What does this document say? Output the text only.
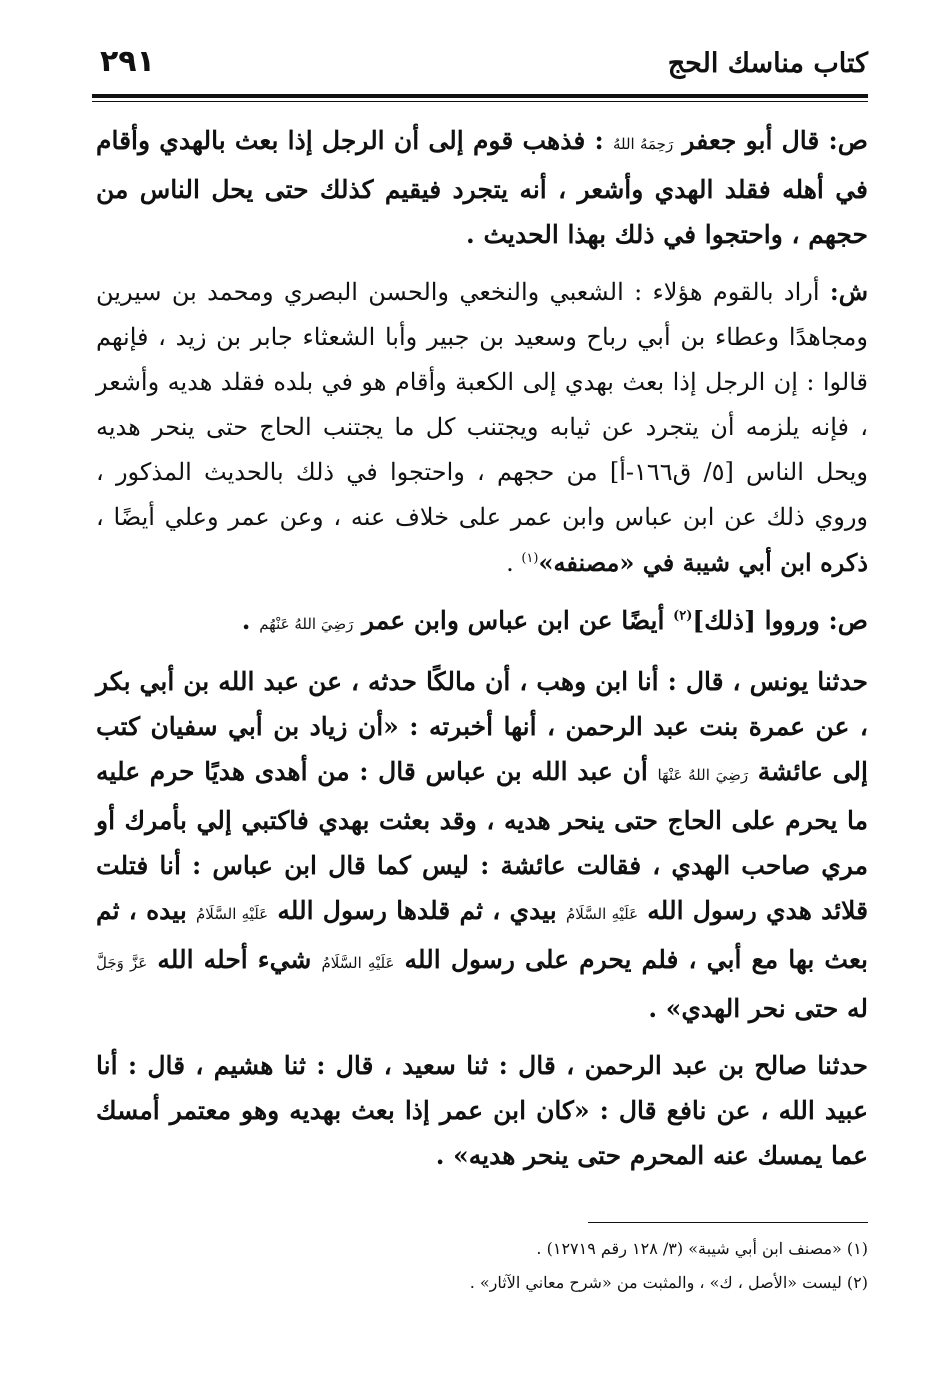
٢٩١	كتاب مناسك الحج

ص: قال أبو جعفر رَحِمَهُ اللهُ : فذهب قوم إلى أن الرجل إذا بعث بالهدي وأقام في أهله فقلد الهدي وأشعر ، أنه يتجرد فيقيم كذلك حتى يحل الناس من حجهم ، واحتجوا في ذلك بهذا الحديث .

ش: أراد بالقوم هؤلاء : الشعبي والنخعي والحسن البصري ومحمد بن سيرين ومجاهدًا وعطاء بن أبي رباح وسعيد بن جبير وأبا الشعثاء جابر بن زيد ، فإنهم قالوا : إن الرجل إذا بعث بهدي إلى الكعبة وأقام هو في بلده فقلد هديه وأشعر ، فإنه يلزمه أن يتجرد عن ثيابه ويجتنب كل ما يجتنب الحاج حتى ينحر هديه ويحل الناس [٥/ ق١٦٦-أ] من حجهم ، واحتجوا في ذلك بالحديث المذكور ، وروي ذلك عن ابن عباس وابن عمر على خلاف عنه ، وعن عمر وعلي أيضًا ، ذكره ابن أبي شيبة في «مصنفه»$^{(١)}$ .

ص: ورووا [ذلك]$^{(٢)}$ أيضًا عن ابن عباس وابن عمر رَضِيَ اللهُ عَنْهُم .

حدثنا يونس ، قال : أنا ابن وهب ، أن مالكًا حدثه ، عن عبد الله بن أبي بكر ، عن عمرة بنت عبد الرحمن ، أنها أخبرته : «أن زياد بن أبي سفيان كتب إلى عائشة رَضِيَ اللهُ عَنْهَا أن عبد الله بن عباس قال : من أهدى هديًا حرم عليه ما يحرم على الحاج حتى ينحر هديه ، وقد بعثت بهدي فاكتبي إلي بأمرك أو مري صاحب الهدي ، فقالت عائشة : ليس كما قال ابن عباس : أنا فتلت قلائد هدي رسول الله عَلَيْهِ السَّلَامُ بيدي ، ثم قلدها رسول الله عَلَيْهِ السَّلَامُ بيده ، ثم بعث بها مع أبي ، فلم يحرم على رسول الله عَلَيْهِ السَّلَامُ شيء أحله الله عَزَّ وَجَلَّ له حتى نحر الهدي» .

حدثنا صالح بن عبد الرحمن ، قال : ثنا سعيد ، قال : ثنا هشيم ، قال : أنا عبيد الله ، عن نافع قال : «كان ابن عمر إذا بعث بهديه وهو معتمر أمسك عما يمسك عنه المحرم حتى ينحر هديه» .

(١) «مصنف ابن أبي شيبة» (٣/ ١٢٨ رقم ١٢٧١٩) .
(٢) ليست «الأصل ، ك» ، والمثبت من «شرح معاني الآثار» .
